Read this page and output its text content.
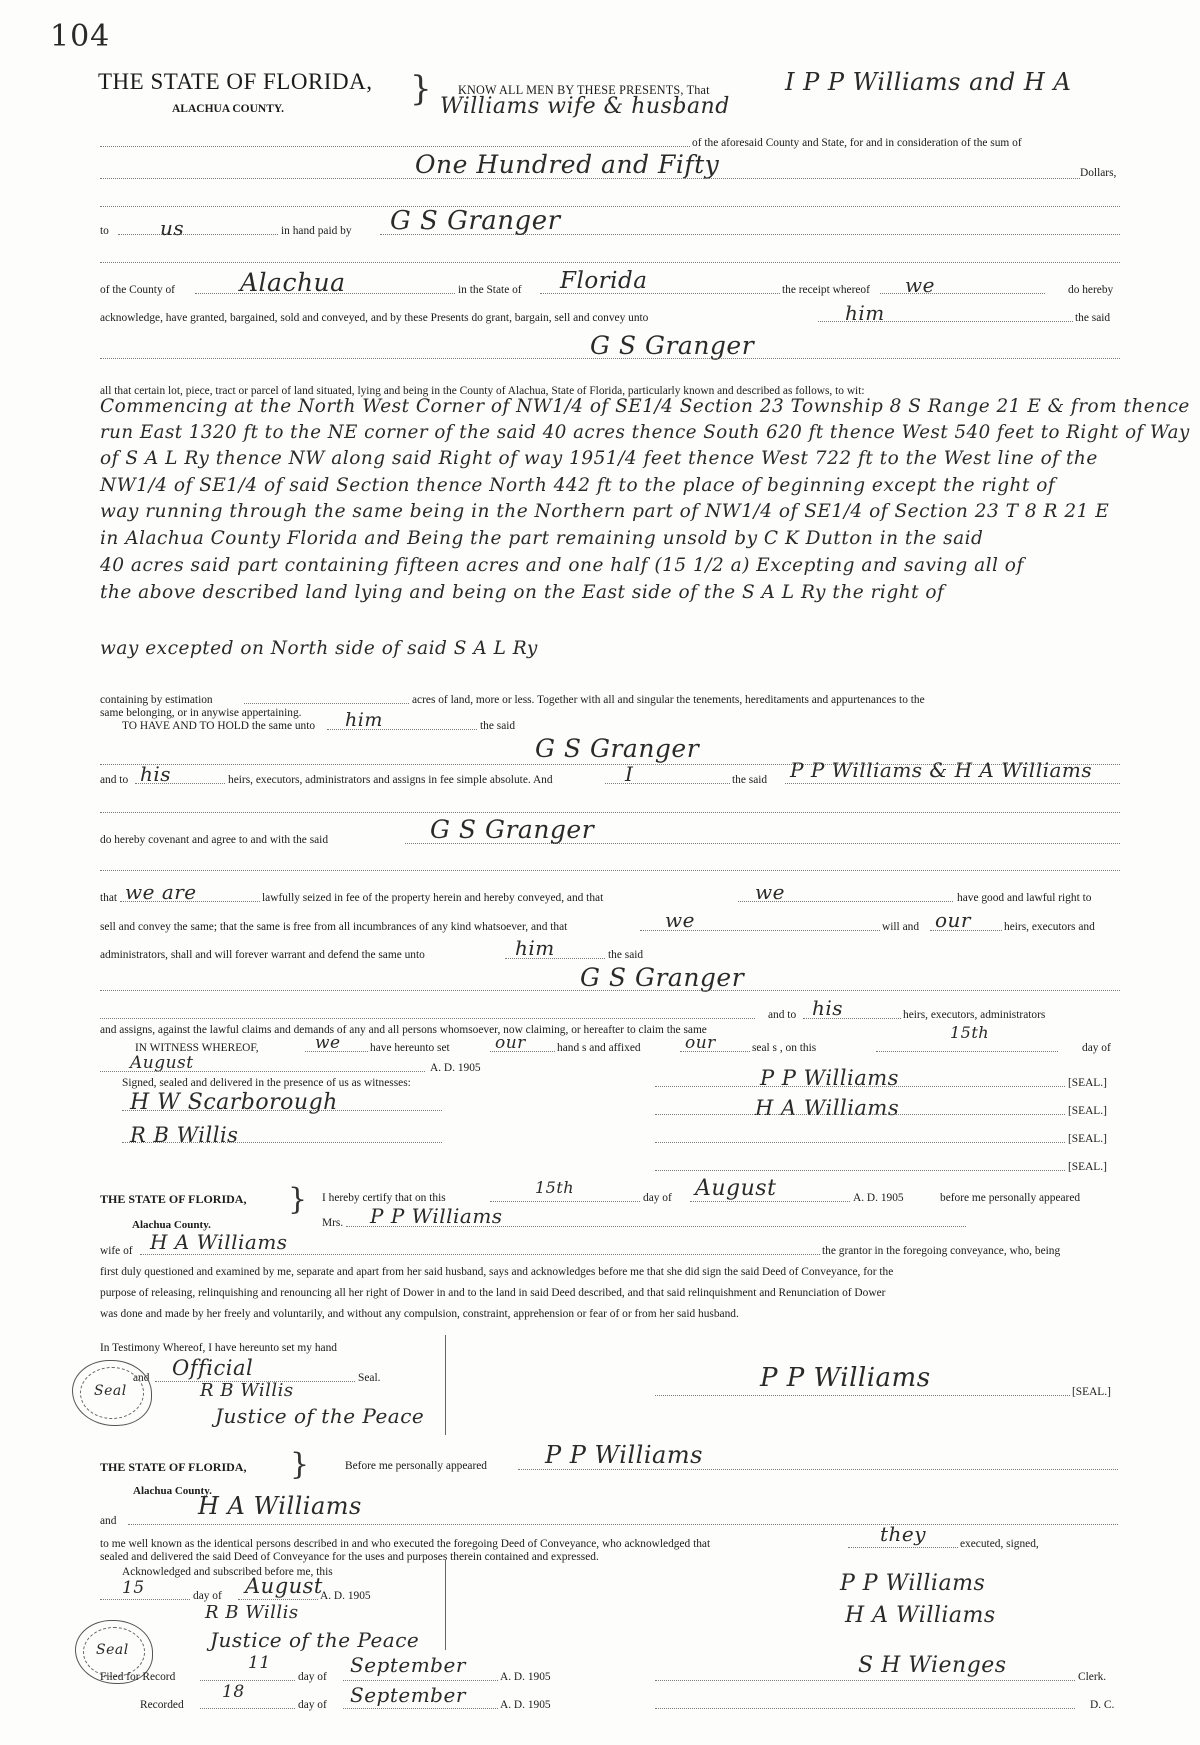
104
THE STATE OF FLORIDA,
ALACHUA COUNTY.	} KNOW ALL MEN BY THESE PRESENTS, That	I P P Williams and H A
Williams wife & husband
of the aforesaid County and State, for and in consideration of the sum of
One Hundred and Fifty	Dollars,
to	us	in hand paid by G S Granger
of the County of	Alachua	in the State of Florida	the receipt whereof we	do hereby
acknowledge, have granted, bargained, sold and conveyed, and by these Presents do grant, bargain, sell and convey unto	him	the said
G S Granger
all that certain lot, piece, tract or parcel of land situated, lying and being in the County of Alachua, State of Florida, particularly known and described as follows, to wit:
Commencing at the North West Corner of NW1/4 of SE1/4 Section 23 Township 8 S Range 21 E & from thence
run East 1320 ft to the NE corner of the said 40 acres thence South 620 ft thence West 540 feet to Right of Way
of S A L Ry thence NW along said Right of way 1951/4 feet thence West 722 ft to the West line of the
NW1/4 of SE1/4 of said Section thence North 442 ft to the place of beginning except the right of
way running through the same being in the Northern part of NW1/4 of SE1/4 of Section 23 T 8 R 21 E
in Alachua County Florida and Being the part remaining unsold by C K Dutton in the said
40 acres said part containing fifteen acres and one half (15 1/2 a) Excepting and saving all of
the above described land lying and being on the East side of the S A L Ry the right of
way excepted on North side of said S A L Ry
containing by estimation	acres of land, more or less. Together with all and singular the tenements, hereditaments and appurtenances to the
same belonging, or in anywise appertaining.
TO HAVE AND TO HOLD the same unto him	the said
G S Granger
and to his	heirs, executors, administrators and assigns in fee simple absolute. And	I	the said P P Williams & H A Williams
do hereby covenant and agree to and with the said	G S Granger
that we are	lawfully seized in fee of the property herein and hereby conveyed, and that	we	have good and lawful right to
sell and convey the same; that the same is free from all incumbrances of any kind whatsoever, and that	we	will and our	heirs, executors and
administrators, shall and will forever warrant and defend the same unto	him	the said
G S Granger
and to his	heirs, executors, administrators
and assigns, against the lawful claims and demands of any and all persons whomsoever, now claiming, or hereafter to claim the same
IN WITNESS WHEREOF,	we	have hereunto set	our	hand s and affixed	our	seal s , on this
15th
day of
August	A. D. 1905
Signed, sealed and delivered in the presence of us as witnesses:
H W Scarborough
R B Willis
P P Williams	[SEAL.]
H A Williams	[SEAL.]
[SEAL.]
[SEAL.]
THE STATE OF FLORIDA,
Alachua County.
} I hereby certify that on this
15th
day of August	A. D. 1905	before me personally appeared
Mrs. P P Williams
wife of H A Williams	the grantor in the foregoing conveyance, who, being
first duly questioned and examined by me, separate and apart from her said husband, says and acknowledges before me that she did sign the said Deed of Conveyance, for the
purpose of releasing, relinquishing and renouncing all her right of Dower in and to the land in said Deed described, and that said relinquishment and Renunciation of Dower
was done and made by her freely and voluntarily, and without any compulsion, constraint, apprehension or fear of or from her said husband.
In Testimony Whereof, I have hereunto set my hand
and Official	Seal.
R B Willis
Justice of the Peace
Seal	P P Williams	[SEAL.]
THE STATE OF FLORIDA,
Alachua County.
}	Before me personally appeared P P Williams
and
H A Williams
to me well known as the identical persons described in and who executed the foregoing Deed of Conveyance, who acknowledged that	they	executed, signed,
sealed and delivered the said Deed of Conveyance for the uses and purposes therein contained and expressed.
Acknowledged and subscribed before me, this
15	day of August
A. D. 1905
R B Willis
Justice of the Peace
Seal
P P Williams
H A Williams
Filed for Record
11
day of September	A. D. 1905	S H Wienges	Clerk.
Recorded
18
day of September	A. D. 1905	D. C.
